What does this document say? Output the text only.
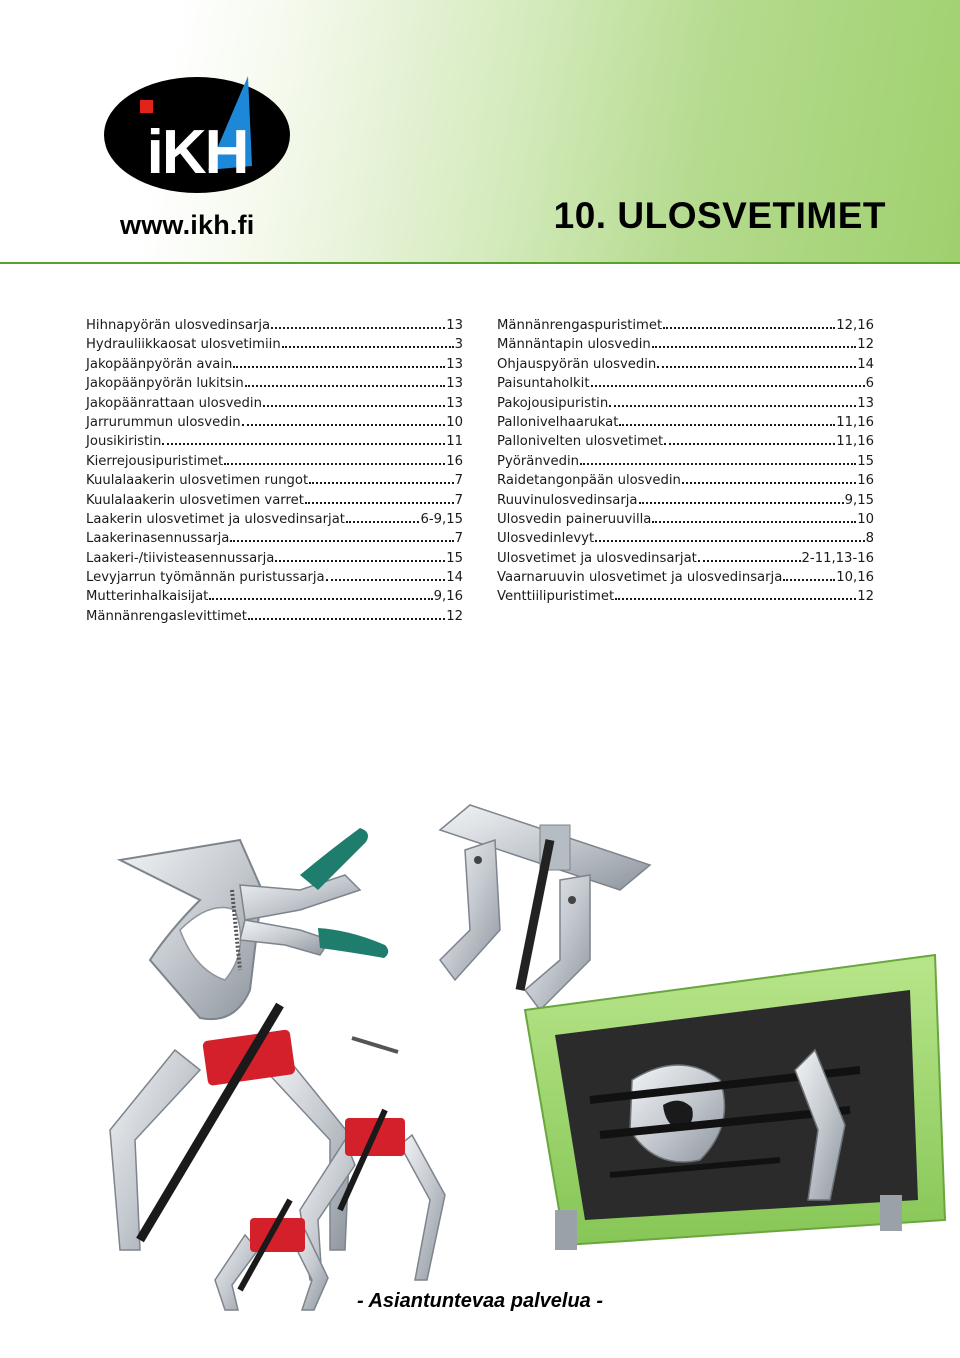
iKH
www.ikh.fi	10. ULOSVETIMET
Hihnapyörän ulosvedinsarja	13
Hydrauliikkaosat ulosvetimiin	3
Jakopäänpyörän avain	13
Jakopäänpyörän lukitsin	13
Jakopäänrattaan ulosvedin	13
Jarrurummun ulosvedin	10
Jousikiristin	11
Kierrejousipuristimet	16
Kuulalaakerin ulosvetimen rungot	7
Kuulalaakerin ulosvetimen varret	7
Laakerin ulosvetimet ja ulosvedinsarjat	6-9,15
Laakerinasennussarja	7
Laakeri-/tiivisteasennussarja	15
Levyjarrun työmännän puristussarja	14
Mutterinhalkaisijat	9,16
Männänrengaslevittimet	12
Männänrengaspuristimet	12,16
Männäntapin ulosvedin	12
Ohjauspyörän ulosvedin	14
Paisuntaholkit	6
Pakojousipuristin	13
Pallonivelhaarukat	11,16
Pallonivelten ulosvetimet	11,16
Pyöränvedin	15
Raidetangonpään ulosvedin	16
Ruuvinulosvedinsarja	9,15
Ulosvedin paineruuvilla	10
Ulosvedinlevyt	8
Ulosvetimet ja ulosvedinsarjat	2-11,13-16
Vaarnaruuvin ulosvetimet ja ulosvedinsarja	10,16
Venttiilipuristimet	12
- Asiantuntevaa palvelua -
